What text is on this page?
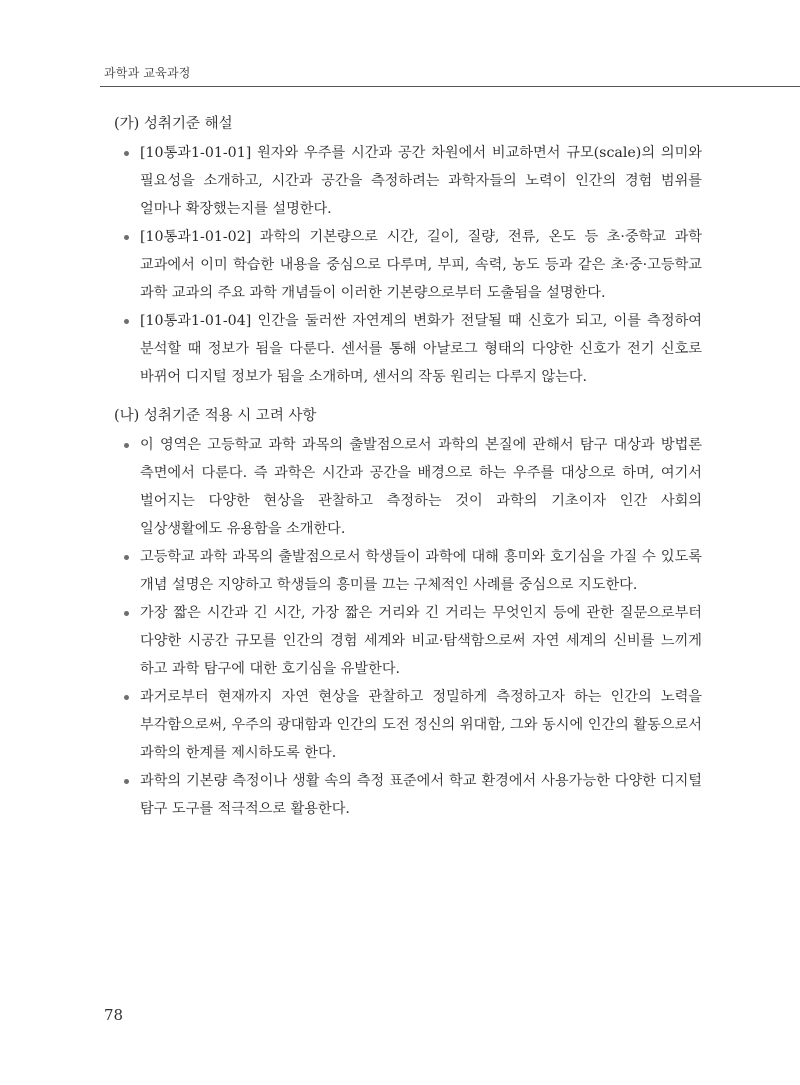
과학과 교육과정
(가) 성취기준 해설
[10통과1-01-01] 원자와 우주를 시간과 공간 차원에서 비교하면서 규모(scale)의 의미와 필요성을 소개하고, 시간과 공간을 측정하려는 과학자들의 노력이 인간의 경험 범위를 얼마나 확장했는지를 설명한다.
[10통과1-01-02] 과학의 기본량으로 시간, 길이, 질량, 전류, 온도 등 초·중학교 과학 교과에서 이미 학습한 내용을 중심으로 다루며, 부피, 속력, 농도 등과 같은 초·중·고등학교 과학 교과의 주요 과학 개념들이 이러한 기본량으로부터 도출됨을 설명한다.
[10통과1-01-04] 인간을 둘러싼 자연계의 변화가 전달될 때 신호가 되고, 이를 측정하여 분석할 때 정보가 됨을 다룬다. 센서를 통해 아날로그 형태의 다양한 신호가 전기 신호로 바뀌어 디지털 정보가 됨을 소개하며, 센서의 작동 원리는 다루지 않는다.
(나) 성취기준 적용 시 고려 사항
이 영역은 고등학교 과학 과목의 출발점으로서 과학의 본질에 관해서 탐구 대상과 방법론 측면에서 다룬다. 즉 과학은 시간과 공간을 배경으로 하는 우주를 대상으로 하며, 여기서 벌어지는 다양한 현상을 관찰하고 측정하는 것이 과학의 기초이자 인간 사회의 일상생활에도 유용함을 소개한다.
고등학교 과학 과목의 출발점으로서 학생들이 과학에 대해 흥미와 호기심을 가질 수 있도록 개념 설명은 지양하고 학생들의 흥미를 끄는 구체적인 사례를 중심으로 지도한다.
가장 짧은 시간과 긴 시간, 가장 짧은 거리와 긴 거리는 무엇인지 등에 관한 질문으로부터 다양한 시공간 규모를 인간의 경험 세계와 비교·탐색함으로써 자연 세계의 신비를 느끼게 하고 과학 탐구에 대한 호기심을 유발한다.
과거로부터 현재까지 자연 현상을 관찰하고 정밀하게 측정하고자 하는 인간의 노력을 부각함으로써, 우주의 광대함과 인간의 도전 정신의 위대함, 그와 동시에 인간의 활동으로서 과학의 한계를 제시하도록 한다.
과학의 기본량 측정이나 생활 속의 측정 표준에서 학교 환경에서 사용가능한 다양한 디지털 탐구 도구를 적극적으로 활용한다.
78
